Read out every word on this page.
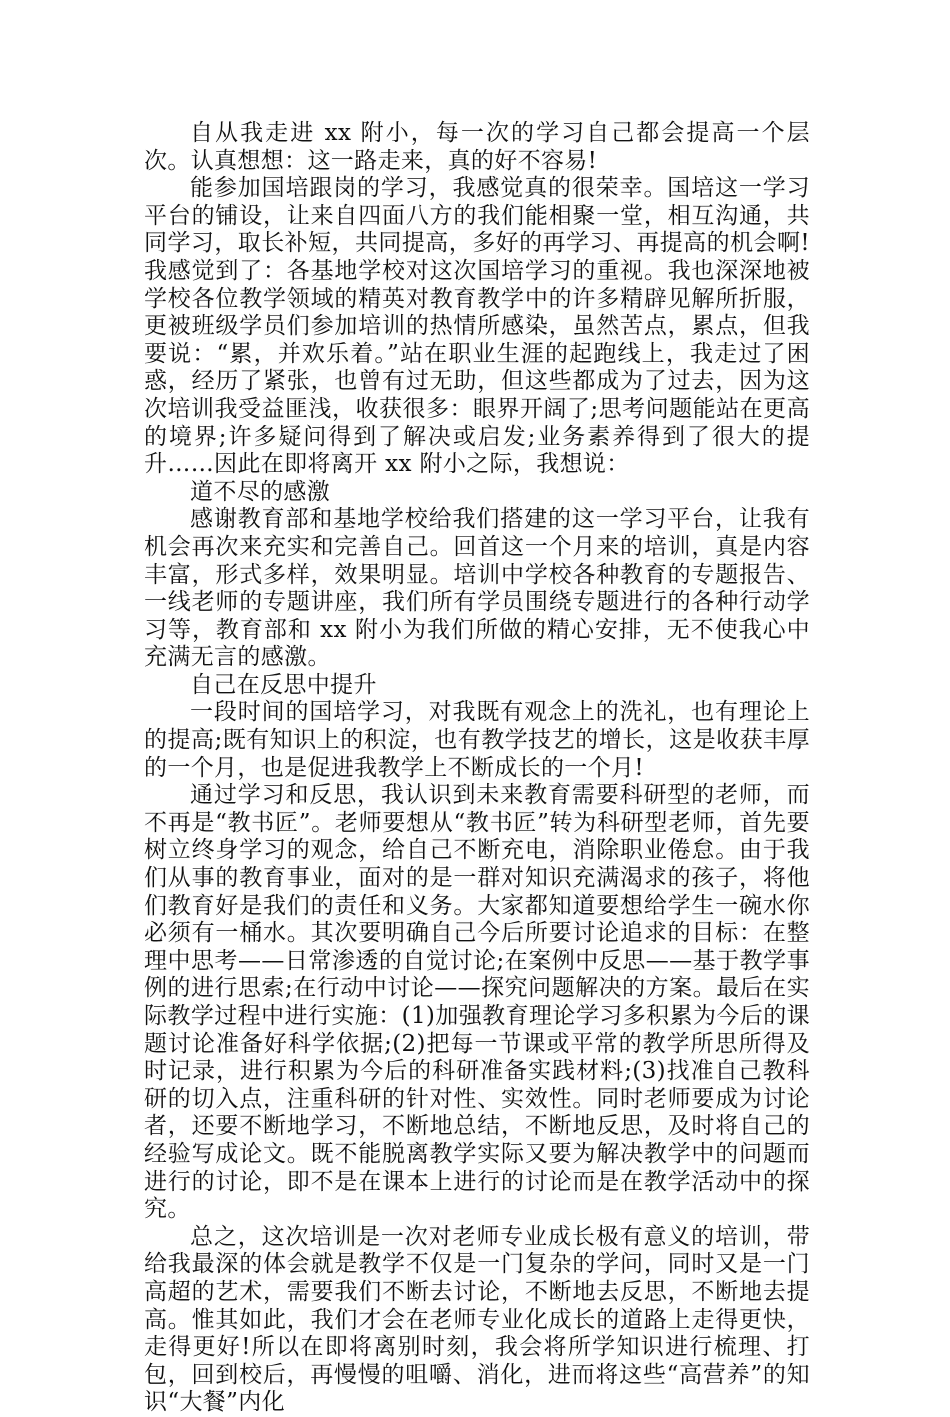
自从我走进 xx 附小，每一次的学习自己都会提高一个层次。认真想想：这一路走来，真的好不容易!

能参加国培跟岗的学习，我感觉真的很荣幸。国培这一学习平台的铺设，让来自四面八方的我们能相聚一堂，相互沟通，共同学习，取长补短，共同提高，多好的再学习、再提高的机会啊!我感觉到了：各基地学校对这次国培学习的重视。我也深深地被学校各位教学领域的精英对教育教学中的许多精辟见解所折服，更被班级学员们参加培训的热情所感染，虽然苦点，累点，但我要说：“累，并欢乐着。”站在职业生涯的起跑线上，我走过了困惑，经历了紧张，也曾有过无助，但这些都成为了过去，因为这次培训我受益匪浅，收获很多：眼界开阔了;思考问题能站在更高的境界;许多疑问得到了解决或启发;业务素养得到了很大的提升……因此在即将离开 xx 附小之际，我想说：

道不尽的感激

感谢教育部和基地学校给我们搭建的这一学习平台，让我有机会再次来充实和完善自己。回首这一个月来的培训，真是内容丰富，形式多样，效果明显。培训中学校各种教育的专题报告、一线老师的专题讲座，我们所有学员围绕专题进行的各种行动学习等，教育部和 xx 附小为我们所做的精心安排，无不使我心中充满无言的感激。

自己在反思中提升

一段时间的国培学习，对我既有观念上的洗礼，也有理论上的提高;既有知识上的积淀，也有教学技艺的增长，这是收获丰厚的一个月，也是促进我教学上不断成长的一个月!

通过学习和反思，我认识到未来教育需要科研型的老师，而不再是“教书匠”。老师要想从“教书匠”转为科研型老师，首先要树立终身学习的观念，给自己不断充电，消除职业倦怠。由于我们从事的教育事业，面对的是一群对知识充满渴求的孩子，将他们教育好是我们的责任和义务。大家都知道要想给学生一碗水你必须有一桶水。其次要明确自己今后所要讨论追求的目标：在整理中思考——日常渗透的自觉讨论;在案例中反思——基于教学事例的进行思索;在行动中讨论——探究问题解决的方案。最后在实际教学过程中进行实施：(1)加强教育理论学习多积累为今后的课题讨论准备好科学依据;(2)把每一节课或平常的教学所思所得及时记录，进行积累为今后的科研准备实践材料;(3)找准自己教科研的切入点，注重科研的针对性、实效性。同时老师要成为讨论者，还要不断地学习，不断地总结，不断地反思，及时将自己的经验写成论文。既不能脱离教学实际又要为解决教学中的问题而进行的讨论，即不是在课本上进行的讨论而是在教学活动中的探究。

总之，这次培训是一次对老师专业成长极有意义的培训，带给我最深的体会就是教学不仅是一门复杂的学问，同时又是一门高超的艺术，需要我们不断去讨论，不断地去反思，不断地去提高。惟其如此，我们才会在老师专业化成长的道路上走得更快，走得更好!所以在即将离别时刻，我会将所学知识进行梳理、打包，回到校后，再慢慢的咀嚼、消化，进而将这些“高营养”的知识“大餐”内化
